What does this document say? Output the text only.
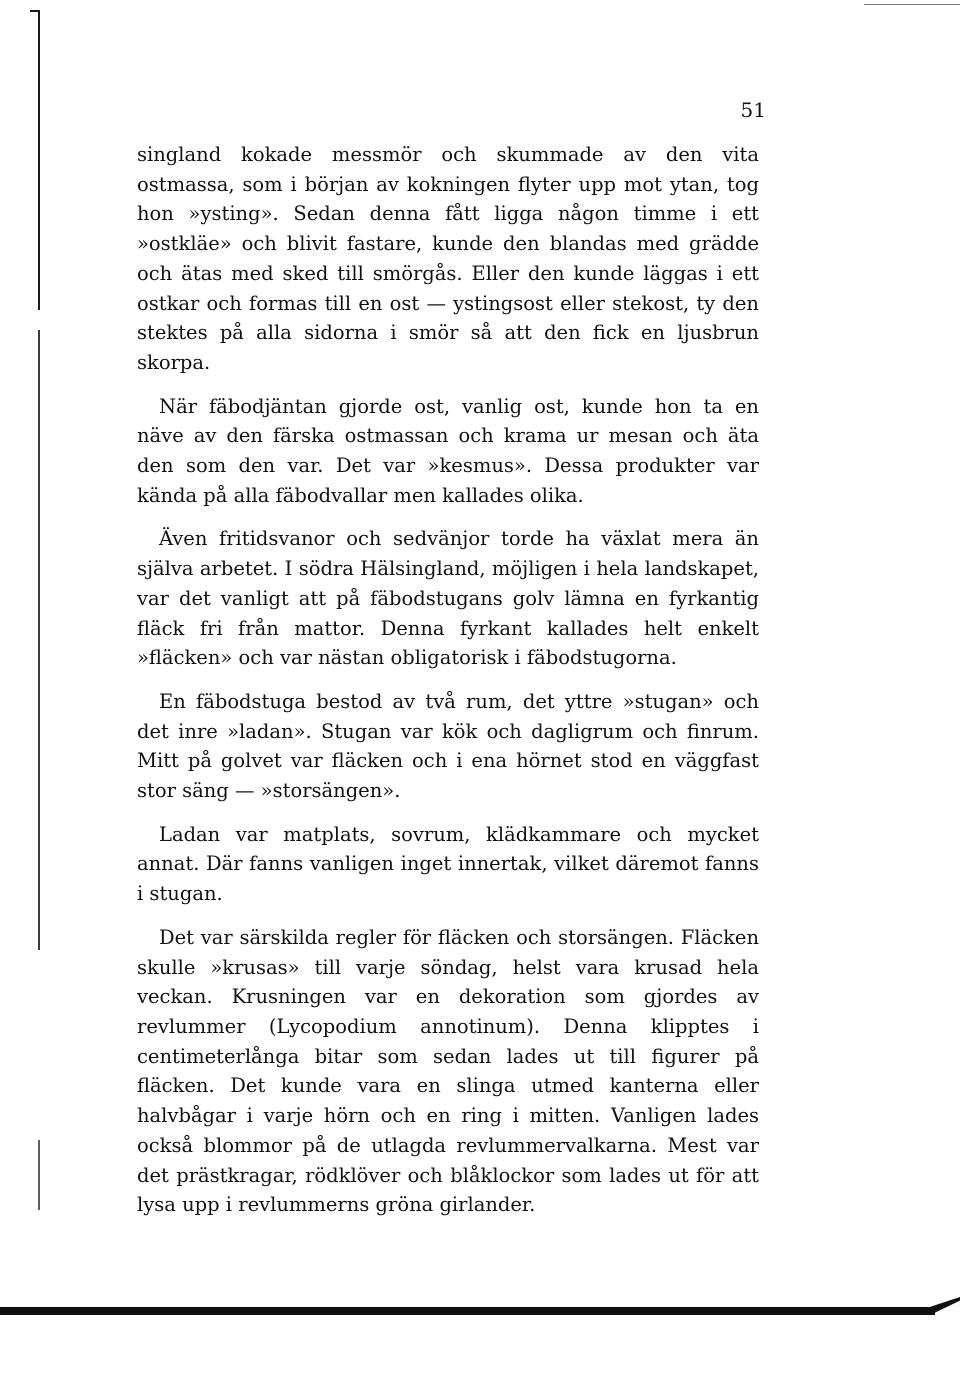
51

singland kokade messmör och skummade av den vita ostmassa, som i början av kokningen flyter upp mot ytan, tog hon »ysting». Sedan denna fått ligga någon timme i ett »ostkläe» och blivit fastare, kunde den blandas med grädde och ätas med sked till smörgås. Eller den kunde läggas i ett ostkar och formas till en ost — ystingsost eller stekost, ty den stektes på alla sidorna i smör så att den fick en ljusbrun skorpa.

När fäbodjäntan gjorde ost, vanlig ost, kunde hon ta en näve av den färska ostmassan och krama ur mesan och äta den som den var. Det var »kesmus». Dessa produkter var kända på alla fäbodvallar men kallades olika.

Även fritidsvanor och sedvänjor torde ha växlat mera än själva arbetet. I södra Hälsingland, möjligen i hela landskapet, var det vanligt att på fäbodstugans golv lämna en fyrkantig fläck fri från mattor. Denna fyrkant kallades helt enkelt »fläcken» och var nästan obligatorisk i fäbodstugorna.

En fäbodstuga bestod av två rum, det yttre »stugan» och det inre »ladan». Stugan var kök och dagligrum och finrum. Mitt på golvet var fläcken och i ena hörnet stod en väggfast stor säng — »storsängen».

Ladan var matplats, sovrum, klädkammare och mycket annat. Där fanns vanligen inget innertak, vilket däremot fanns i stugan.

Det var särskilda regler för fläcken och storsängen. Fläcken skulle »krusas» till varje söndag, helst vara krusad hela veckan. Krusningen var en dekoration som gjordes av revlummer (Lycopodium annotinum). Denna klipptes i centimeterlånga bitar som sedan lades ut till figurer på fläcken. Det kunde vara en slinga utmed kanterna eller halvbågar i varje hörn och en ring i mitten. Vanligen lades också blommor på de utlagda revlummervalkarna. Mest var det prästkragar, rödklöver och blåklockor som lades ut för att lysa upp i revlummerns gröna girlander.
